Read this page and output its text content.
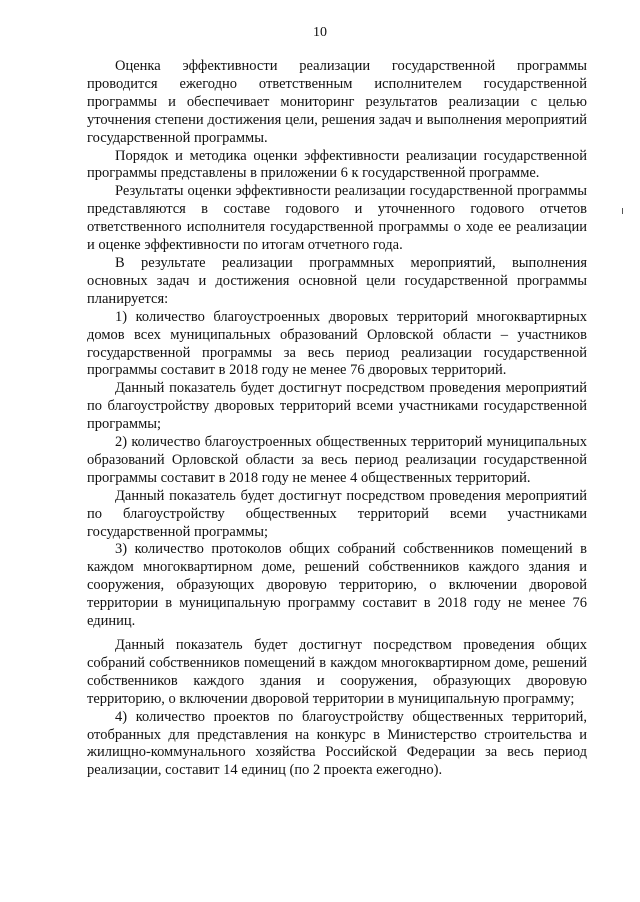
10

Оценка эффективности реализации государственной программы проводится ежегодно ответственным исполнителем государственной программы и обеспечивает мониторинг результатов реализации с целью уточнения степени достижения цели, решения задач и выполнения мероприятий государственной программы.

Порядок и методика оценки эффективности реализации государственной программы представлены в приложении 6 к государственной программе.

Результаты оценки эффективности реализации государственной программы представляются в составе годового и уточненного годового отчетов ответственного исполнителя государственной программы о ходе ее реализации и оценке эффективности по итогам отчетного года.

В результате реализации программных мероприятий, выполнения основных задач и достижения основной цели государственной программы планируется:

1) количество благоустроенных дворовых территорий многоквартирных домов всех муниципальных образований Орловской области – участников государственной программы за весь период реализации государственной программы составит в 2018 году не менее 76 дворовых территорий.

Данный показатель будет достигнут посредством проведения мероприятий по благоустройству дворовых территорий всеми участниками государственной программы;

2) количество благоустроенных общественных территорий муниципальных образований Орловской области за весь период реализации государственной программы составит в 2018 году не менее 4 общественных территорий.

Данный показатель будет достигнут посредством проведения мероприятий по благоустройству общественных территорий всеми участниками государственной программы;

3) количество протоколов общих собраний собственников помещений в каждом многоквартирном доме, решений собственников каждого здания и сооружения, образующих дворовую территорию, о включении дворовой территории в муниципальную программу составит в 2018 году не менее 76 единиц.

Данный показатель будет достигнут посредством проведения общих собраний собственников помещений в каждом многоквартирном доме, решений собственников каждого здания и сооружения, образующих дворовую территорию, о включении дворовой территории в муниципальную программу;

4) количество проектов по благоустройству общественных территорий, отобранных для представления на конкурс в Министерство строительства и жилищно-коммунального хозяйства Российской Федерации за весь период реализации, составит 14 единиц (по 2 проекта ежегодно).
